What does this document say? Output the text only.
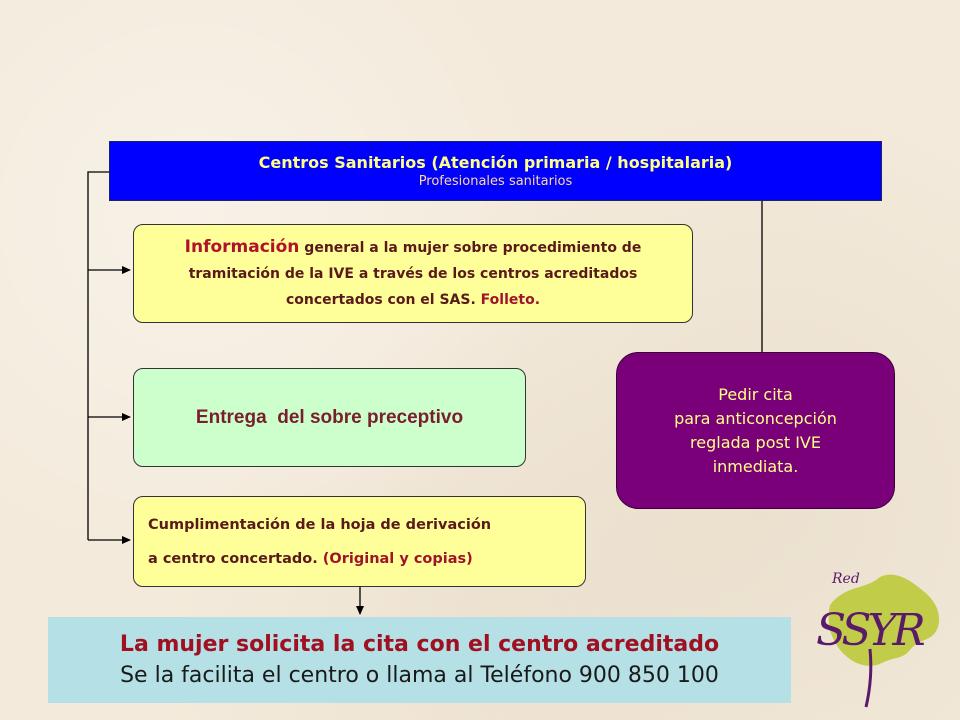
Centros Sanitarios (Atención primaria / hospitalaria)
Profesionales sanitarios
Información general a la mujer sobre procedimiento de
tramitación de la IVE a través de los centros acreditados
concertados con el SAS. Folleto.
Entrega  del sobre preceptivo
Cumplimentación de la hoja de derivación
a centro concertado. (Original y copias)
Pedir cita
para anticoncepción
reglada post IVE
inmediata.
La mujer solicita la cita con el centro acreditado
Se la facilita el centro o llama al Teléfono 900 850 100
Red
SSYR
